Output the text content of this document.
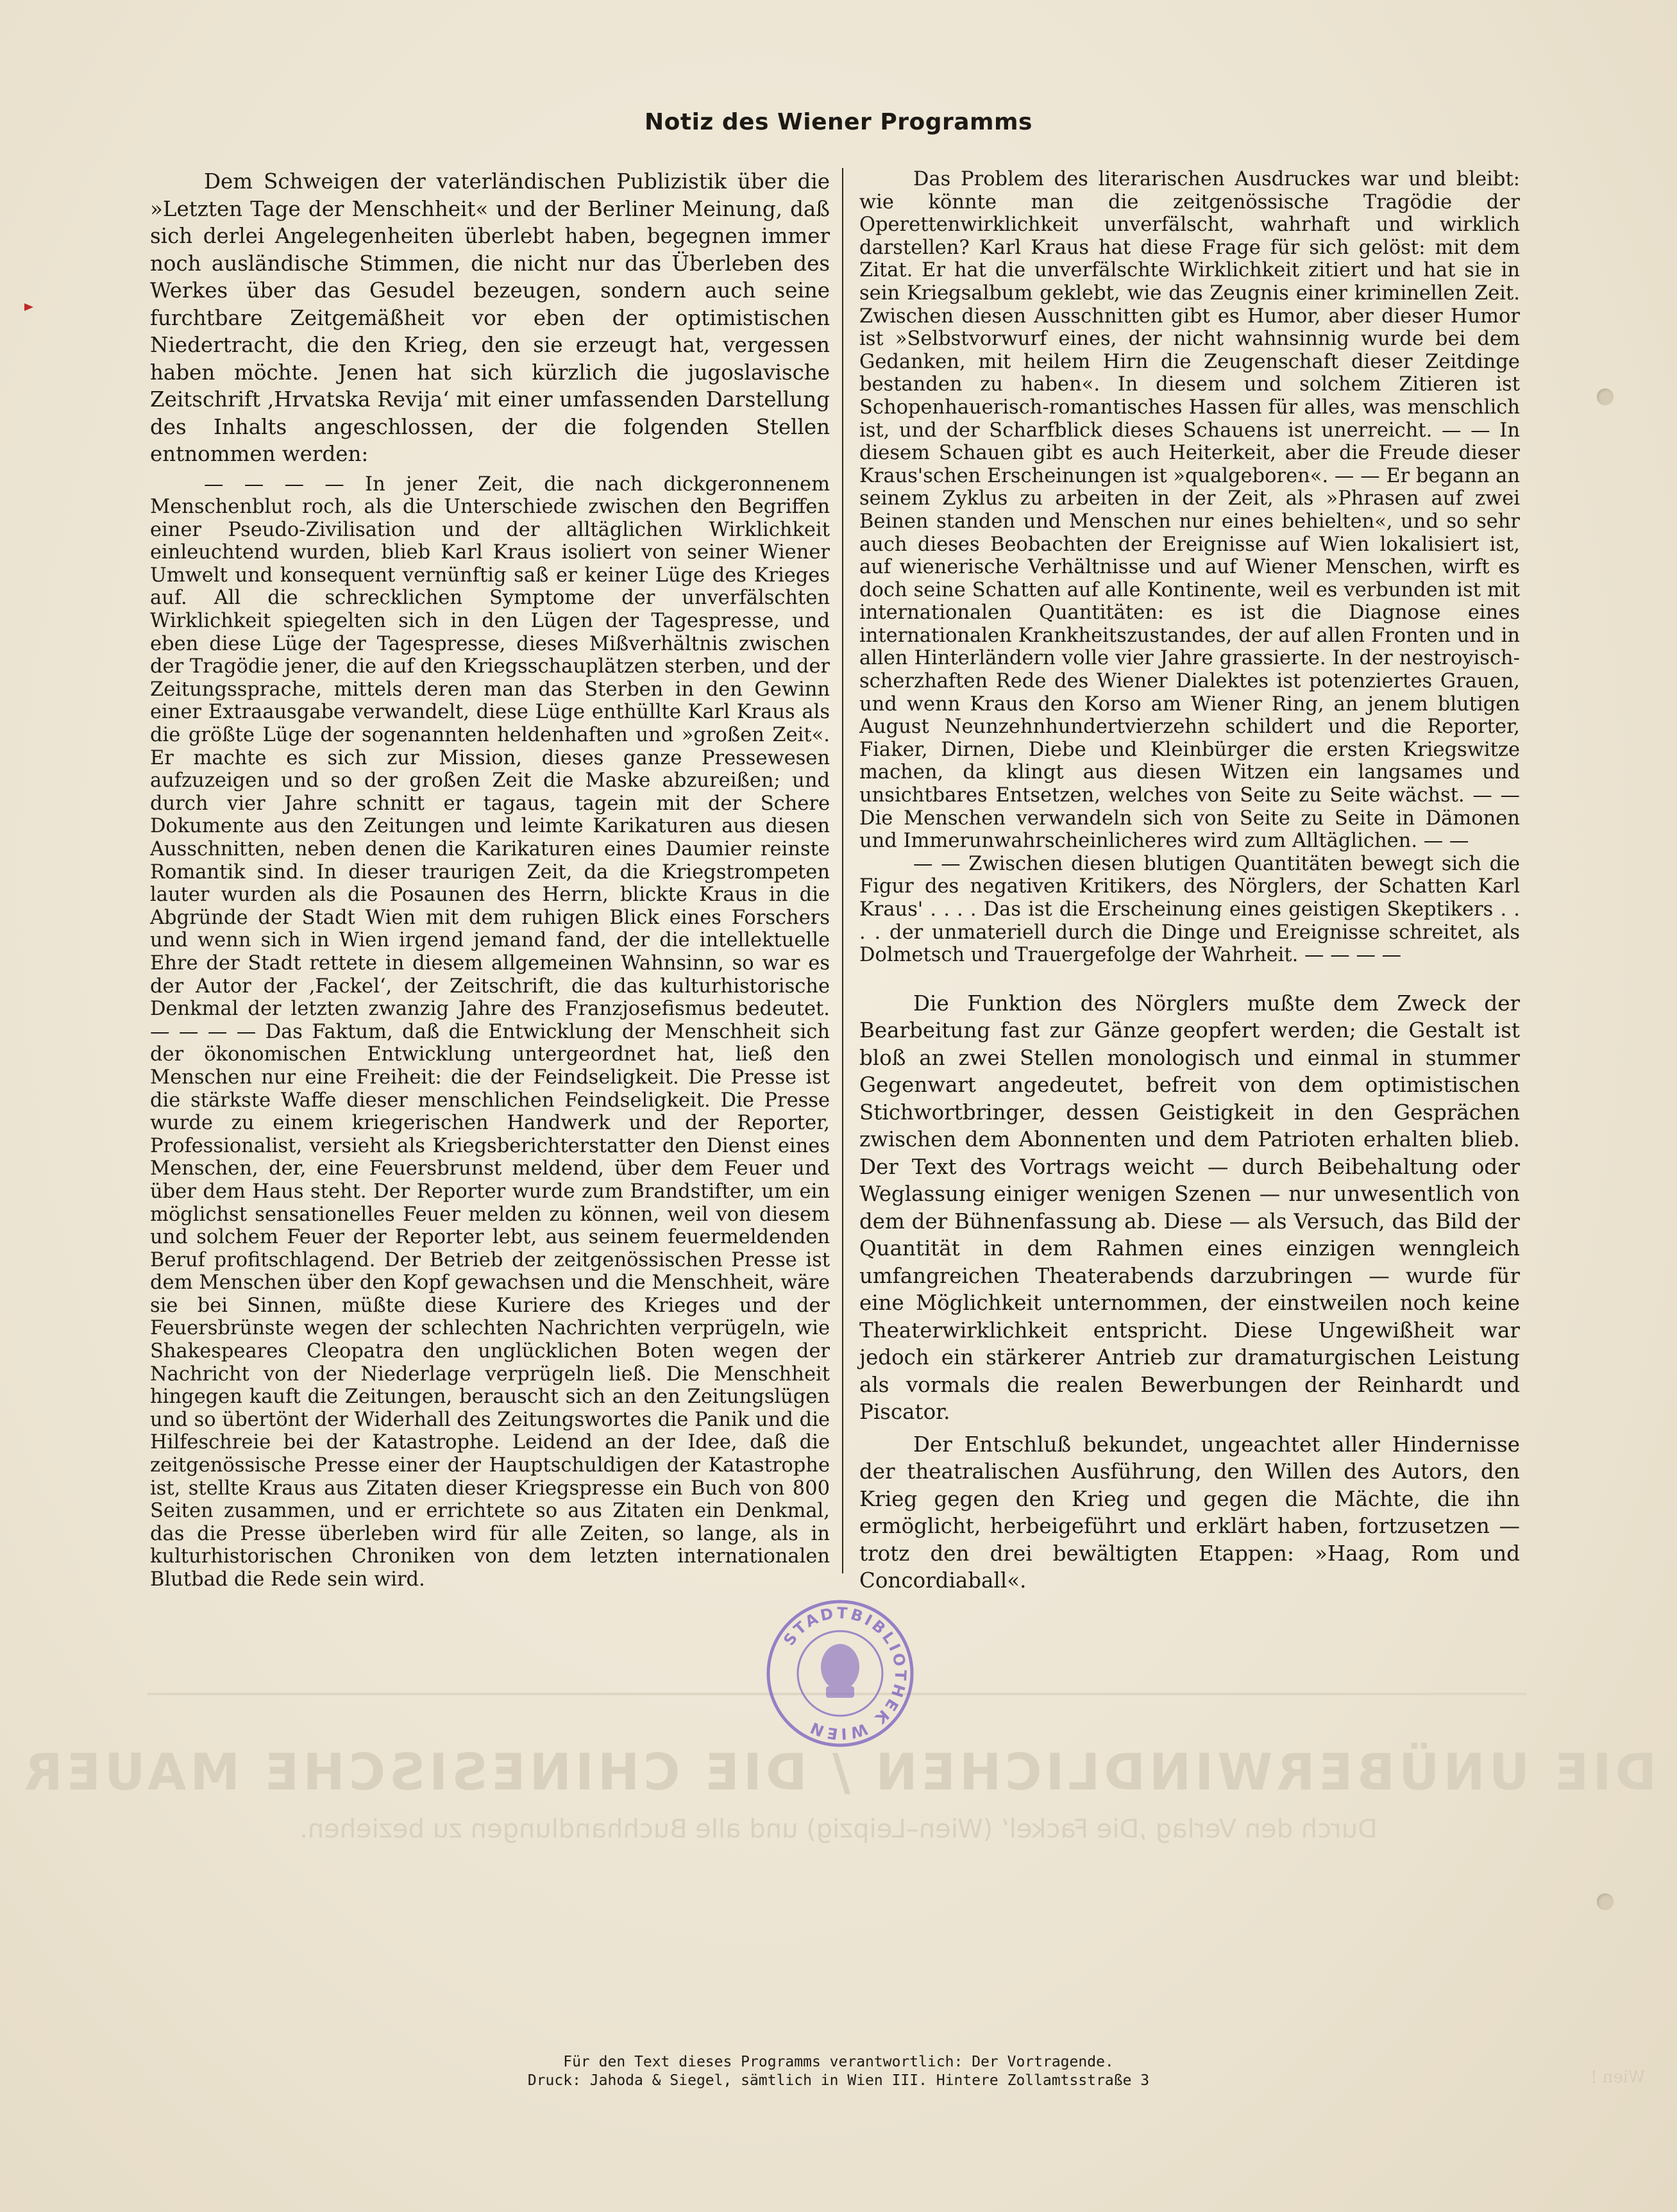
DIE UNÜBERWINDLICHEN / DIE CHINESISCHE MAUER
Durch den Verlag ‚Die Fackel‘ (Wien–Leipzig) und alle Buchhandlungen zu beziehen.
Wien !
Notiz des Wiener Programms

Dem Schweigen der vaterländischen Publizistik über die »Letzten Tage der Menschheit« und der Berliner Meinung, daß sich derlei Angelegenheiten überlebt haben, begegnen immer noch ausländische Stimmen, die nicht nur das Überleben des Werkes über das Gesudel bezeugen, sondern auch seine furchtbare Zeitgemäßheit vor eben der optimistischen Niedertracht, die den Krieg, den sie erzeugt hat, vergessen haben möchte. Jenen hat sich kürzlich die jugoslavische Zeitschrift ‚Hrvatska Revija‘ mit einer umfassenden Darstellung des Inhalts angeschlossen, der die folgenden Stellen entnommen werden:

— — — — In jener Zeit, die nach dickgeronnenem Menschenblut roch, als die Unterschiede zwischen den Begriffen einer Pseudo-Zivilisation und der alltäglichen Wirklichkeit einleuchtend wurden, blieb Karl Kraus isoliert von seiner Wiener Umwelt und konsequent vernünftig saß er keiner Lüge des Krieges auf. All die schrecklichen Symptome der unverfälschten Wirklichkeit spiegelten sich in den Lügen der Tagespresse, und eben diese Lüge der Tagespresse, dieses Mißverhältnis zwischen der Tragödie jener, die auf den Kriegsschauplätzen sterben, und der Zeitungssprache, mittels deren man das Sterben in den Gewinn einer Extraausgabe verwandelt, diese Lüge enthüllte Karl Kraus als die größte Lüge der sogenannten heldenhaften und »großen Zeit«. Er machte es sich zur Mission, dieses ganze Pressewesen aufzuzeigen und so der großen Zeit die Maske abzureißen; und durch vier Jahre schnitt er tagaus, tagein mit der Schere Dokumente aus den Zeitungen und leimte Karikaturen aus diesen Ausschnitten, neben denen die Karikaturen eines Daumier reinste Romantik sind. In dieser traurigen Zeit, da die Kriegstrompeten lauter wurden als die Posaunen des Herrn, blickte Kraus in die Abgründe der Stadt Wien mit dem ruhigen Blick eines Forschers und wenn sich in Wien irgend jemand fand, der die intellektuelle Ehre der Stadt rettete in diesem allgemeinen Wahnsinn, so war es der Autor der ‚Fackel‘, der Zeitschrift, die das kulturhistorische Denkmal der letzten zwanzig Jahre des Franzjosefismus bedeutet. — — — — Das Faktum, daß die Entwicklung der Menschheit sich der ökonomischen Entwicklung untergeordnet hat, ließ den Menschen nur eine Freiheit: die der Feindseligkeit. Die Presse ist die stärkste Waffe dieser menschlichen Feindseligkeit. Die Presse wurde zu einem kriegerischen Handwerk und der Reporter, Professionalist, versieht als Kriegsberichterstatter den Dienst eines Menschen, der, eine Feuersbrunst meldend, über dem Feuer und über dem Haus steht. Der Reporter wurde zum Brandstifter, um ein möglichst sensationelles Feuer melden zu können, weil von diesem und solchem Feuer der Reporter lebt, aus seinem feuermeldenden Beruf profitschlagend. Der Betrieb der zeitgenössischen Presse ist dem Menschen über den Kopf gewachsen und die Menschheit, wäre sie bei Sinnen, müßte diese Kuriere des Krieges und der Feuersbrünste wegen der schlechten Nachrichten verprügeln, wie Shakespeares Cleopatra den unglücklichen Boten wegen der Nachricht von der Niederlage verprügeln ließ. Die Menschheit hingegen kauft die Zeitungen, berauscht sich an den Zeitungslügen und so übertönt der Widerhall des Zeitungswortes die Panik und die Hilfeschreie bei der Katastrophe. Leidend an der Idee, daß die zeitgenössische Presse einer der Hauptschuldigen der Katastrophe ist, stellte Kraus aus Zitaten dieser Kriegspresse ein Buch von 800 Seiten zusammen, und er errichtete so aus Zitaten ein Denkmal, das die Presse überleben wird für alle Zeiten, so lange, als in kulturhistorischen Chroniken von dem letzten internationalen Blutbad die Rede sein wird.

Das Problem des literarischen Ausdruckes war und bleibt: wie könnte man die zeitgenössische Tragödie der Operettenwirklichkeit unverfälscht, wahrhaft und wirklich darstellen? Karl Kraus hat diese Frage für sich gelöst: mit dem Zitat. Er hat die unverfälschte Wirklichkeit zitiert und hat sie in sein Kriegsalbum geklebt, wie das Zeugnis einer kriminellen Zeit. Zwischen diesen Ausschnitten gibt es Humor, aber dieser Humor ist »Selbstvorwurf eines, der nicht wahnsinnig wurde bei dem Gedanken, mit heilem Hirn die Zeugenschaft dieser Zeitdinge bestanden zu haben«. In diesem und solchem Zitieren ist Schopenhauerisch-romantisches Hassen für alles, was menschlich ist, und der Scharfblick dieses Schauens ist unerreicht. — — In diesem Schauen gibt es auch Heiterkeit, aber die Freude dieser Kraus'schen Erscheinungen ist »qualgeboren«. — — Er begann an seinem Zyklus zu arbeiten in der Zeit, als »Phrasen auf zwei Beinen standen und Menschen nur eines behielten«, und so sehr auch dieses Beobachten der Ereignisse auf Wien lokalisiert ist, auf wienerische Verhältnisse und auf Wiener Menschen, wirft es doch seine Schatten auf alle Kontinente, weil es verbunden ist mit internationalen Quantitäten: es ist die Diagnose eines internationalen Krankheitszustandes, der auf allen Fronten und in allen Hinterländern volle vier Jahre grassierte. In der nestroyisch-scherzhaften Rede des Wiener Dialektes ist potenziertes Grauen, und wenn Kraus den Korso am Wiener Ring, an jenem blutigen August Neunzehnhundertvierzehn schildert und die Reporter, Fiaker, Dirnen, Diebe und Kleinbürger die ersten Kriegswitze machen, da klingt aus diesen Witzen ein langsames und unsichtbares Entsetzen, welches von Seite zu Seite wächst. — — Die Menschen verwandeln sich von Seite zu Seite in Dämonen und Immerunwahrscheinlicheres wird zum Alltäglichen. — —

— — Zwischen diesen blutigen Quantitäten bewegt sich die Figur des negativen Kritikers, des Nörglers, der Schatten Karl Kraus' . . . . Das ist die Erscheinung eines geistigen Skeptikers . . . . der unmateriell durch die Dinge und Ereignisse schreitet, als Dolmetsch und Trauergefolge der Wahrheit. — — — —

Die Funktion des Nörglers mußte dem Zweck der Bearbeitung fast zur Gänze geopfert werden; die Gestalt ist bloß an zwei Stellen monologisch und einmal in stummer Gegenwart angedeutet, befreit von dem optimistischen Stichwortbringer, dessen Geistigkeit in den Gesprächen zwischen dem Abonnenten und dem Patrioten erhalten blieb. Der Text des Vortrags weicht — durch Beibehaltung oder Weglassung einiger wenigen Szenen — nur unwesentlich von dem der Bühnenfassung ab. Diese — als Versuch, das Bild der Quantität in dem Rahmen eines einzigen wenngleich umfangreichen Theaterabends darzubringen — wurde für eine Möglichkeit unternommen, der einstweilen noch keine Theaterwirklichkeit entspricht. Diese Ungewißheit war jedoch ein stärkerer Antrieb zur dramaturgischen Leistung als vormals die realen Bewerbungen der Reinhardt und Piscator.

Der Entschluß bekundet, ungeachtet aller Hindernisse der theatralischen Ausführung, den Willen des Autors, den Krieg gegen den Krieg und gegen die Mächte, die ihn ermöglicht, herbeigeführt und erklärt haben, fortzusetzen — trotz den drei bewältigten Etappen: »Haag, Rom und Concordiaball«.

STADTBIBLIOTHEK WIEN
Für den Text dieses Programms verantwortlich: Der Vortragende.
Druck: Jahoda & Siegel, sämtlich in Wien III. Hintere Zollamtsstraße 3
